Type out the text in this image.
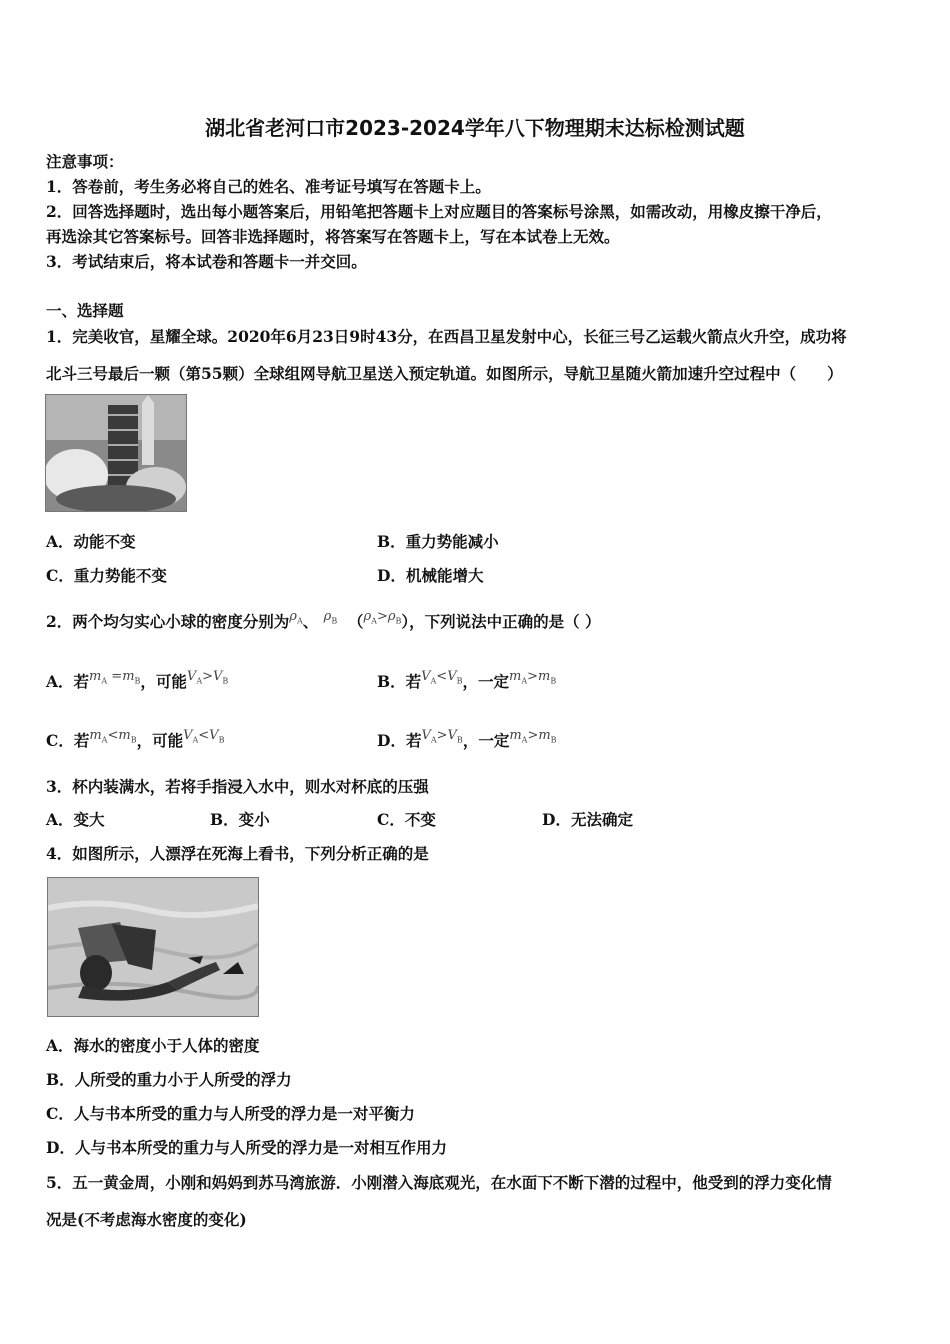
湖北省老河口市2023-2024学年八下物理期末达标检测试题
注意事项：
1．答卷前，考生务必将自己的姓名、准考证号填写在答题卡上。
2．回答选择题时，选出每小题答案后，用铅笔把答题卡上对应题目的答案标号涂黑，如需改动，用橡皮擦干净后，
再选涂其它答案标号。回答非选择题时，将答案写在答题卡上，写在本试卷上无效。
3．考试结束后，将本试卷和答题卡一并交回。
一、选择题
1．完美收官，星耀全球。2020年6月23日9时43分，在西昌卫星发射中心，长征三号乙运载火箭点火升空，成功将
北斗三号最后一颗（第55颗）全球组网导航卫星送入预定轨道。如图所示，导航卫星随火箭加速升空过程中（　　）
A．动能不变	B．重力势能减小
C．重力势能不变	D．机械能增大
2．两个均匀实心小球的密度分别为$^{\rho_A}$、 $^{\rho_B}$ （$^{\rho_A>\rho_B}$），下列说法中正确的是（ ）
A．若$^{m_A =m_B}$，可能$^{V_A>V_B}$	B．若$^{V_A<V_B}$，一定$^{m_A>m_B}$
C．若$^{m_A<m_B}$，可能$^{V_A<V_B}$	D．若$^{V_A>V_B}$，一定$^{m_A>m_B}$
3．杯内装满水，若将手指浸入水中，则水对杯底的压强
A．变大	B．变小	C．不变	D．无法确定
4．如图所示，人漂浮在死海上看书，下列分析正确的是
A．海水的密度小于人体的密度
B．人所受的重力小于人所受的浮力
C．人与书本所受的重力与人所受的浮力是一对平衡力
D．人与书本所受的重力与人所受的浮力是一对相互作用力
5．五一黄金周，小刚和妈妈到苏马湾旅游．小刚潜入海底观光，在水面下不断下潜的过程中，他受到的浮力变化情
况是(不考虑海水密度的变化)
